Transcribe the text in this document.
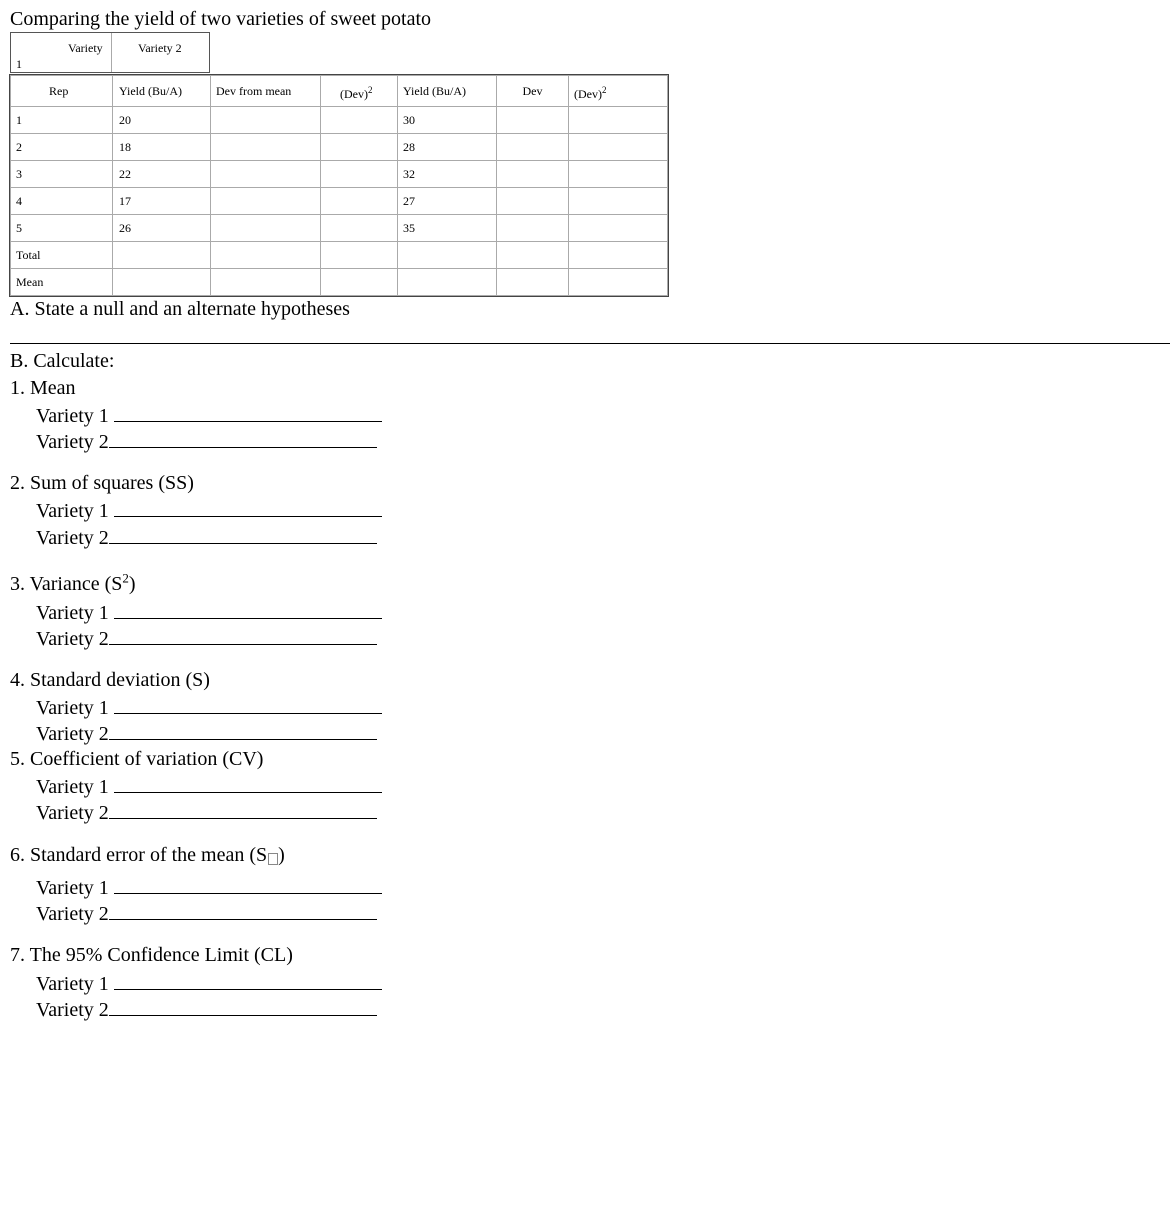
Comparing the yield of two varieties of sweet potato
Variety	Variety 2
1
Rep	Yield (Bu/A)	Dev from mean	(Dev)$^2$	Yield (Bu/A)	Dev	(Dev)$^2$
1	20			30		
2	18			28		
3	22			32		
4	17			27		
5	26			35		
Total						
Mean						
A. State a null and an alternate hypotheses
B. Calculate:
1. Mean
Variety 1
Variety 2
2. Sum of squares (SS)
Variety 1
Variety 2
3. Variance $(S^2)$
Variety 1
Variety 2
4. Standard deviation (S)
Variety 1
Variety 2
5. Coefficient of variation (CV)
Variety 1
Variety 2
6. Standard error of the mean (S )
Variety 1
Variety 2
7. The 95% Confidence Limit (CL)
Variety 1
Variety 2
